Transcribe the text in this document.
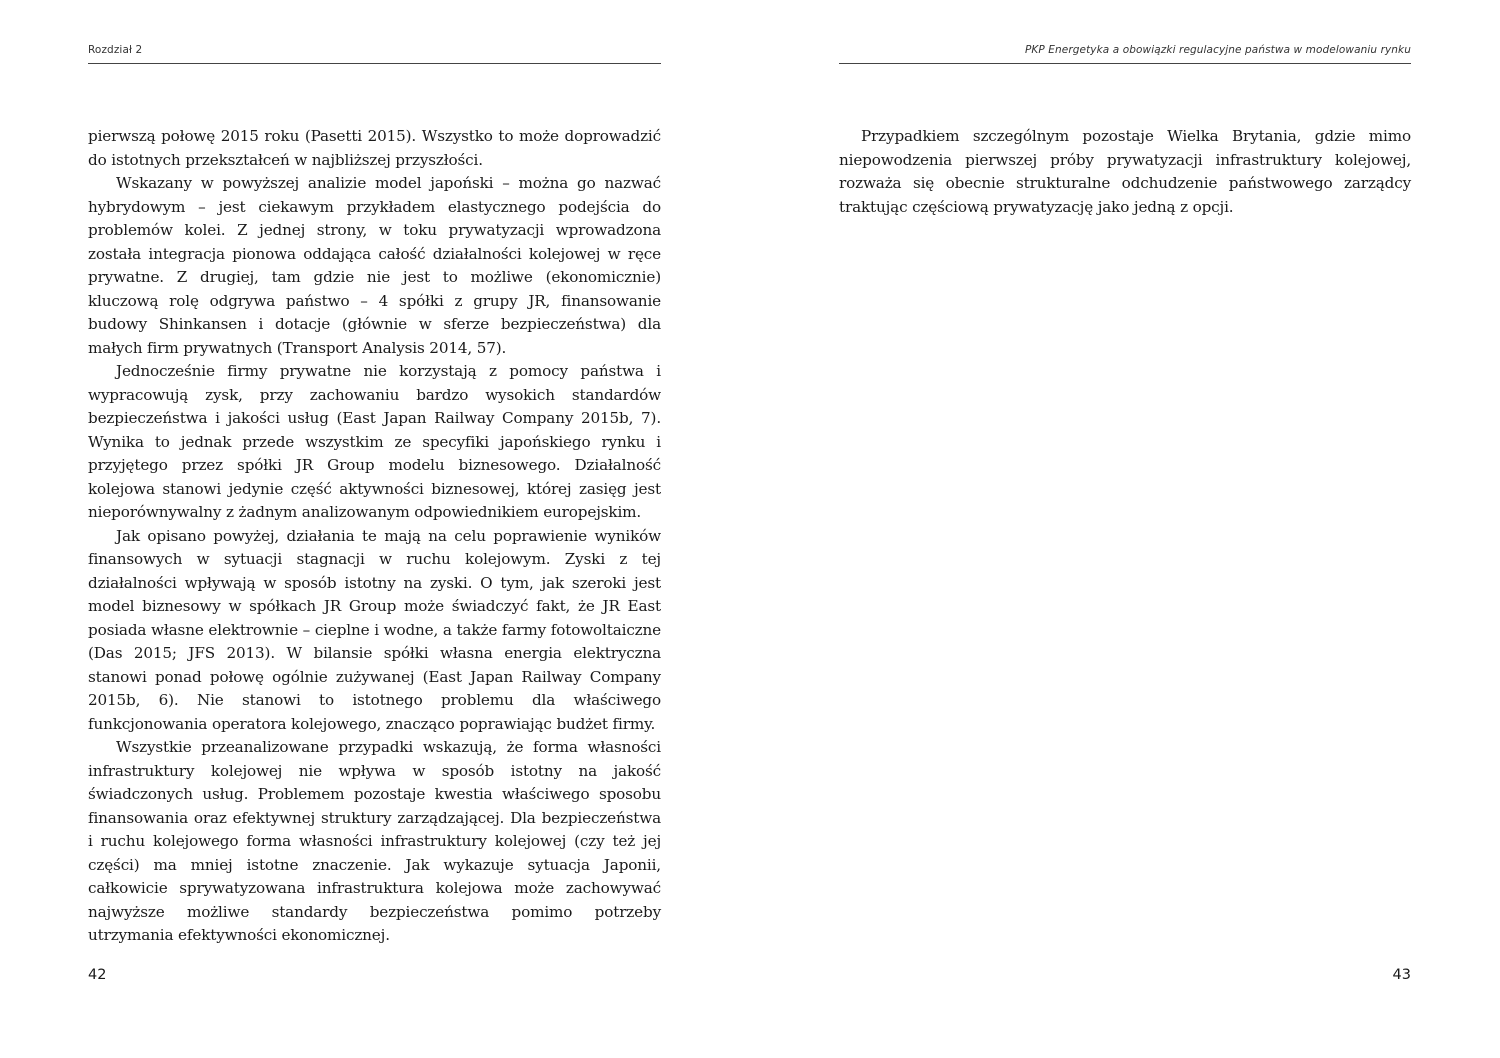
Rozdział 2

pierwszą połowę 2015 roku (Pasetti 2015). Wszystko to może doprowadzić do istotnych przekształceń w najbliższej przyszłości.

Wskazany w powyższej analizie model japoński – można go nazwać hybrydowym – jest ciekawym przykładem elastycznego podejścia do problemów kolei. Z jednej strony, w toku prywatyzacji wprowadzona została integracja pionowa oddająca całość działalności kolejowej w ręce prywatne. Z drugiej, tam gdzie nie jest to możliwe (ekonomicznie) kluczową rolę odgrywa państwo – 4 spółki z grupy JR, finansowanie budowy Shinkansen i dotacje (głównie w sferze bezpieczeństwa) dla małych firm prywatnych (Transport Analysis 2014, 57).

Jednocześnie firmy prywatne nie korzystają z pomocy państwa i wypracowują zysk, przy zachowaniu bardzo wysokich standardów bezpieczeństwa i jakości usług (East Japan Railway Company 2015b, 7). Wynika to jednak przede wszystkim ze specyfiki japońskiego rynku i przyjętego przez spółki JR Group modelu biznesowego. Działalność kolejowa stanowi jedynie część aktywności biznesowej, której zasięg jest nieporównywalny z żadnym analizowanym odpowiednikiem europejskim.

Jak opisano powyżej, działania te mają na celu poprawienie wyników finansowych w sytuacji stagnacji w ruchu kolejowym. Zyski z tej działalności wpływają w sposób istotny na zyski. O tym, jak szeroki jest model biznesowy w spółkach JR Group może świadczyć fakt, że JR East posiada własne elektrownie – cieplne i wodne, a także farmy fotowoltaiczne (Das 2015; JFS 2013). W bilansie spółki własna energia elektryczna stanowi ponad połowę ogólnie zużywanej (East Japan Railway Company 2015b, 6). Nie stanowi to istotnego problemu dla właściwego funkcjonowania operatora kolejowego, znacząco poprawiając budżet firmy.

Wszystkie przeanalizowane przypadki wskazują, że forma własności infrastruktury kolejowej nie wpływa w sposób istotny na jakość świadczonych usług. Problemem pozostaje kwestia właściwego sposobu finansowania oraz efektywnej struktury zarządzającej. Dla bezpieczeństwa i ruchu kolejowego forma własności infrastruktury kolejowej (czy też jej części) ma mniej istotne znaczenie. Jak wykazuje sytuacja Japonii, całkowicie sprywatyzowana infrastruktura kolejowa może zachowywać najwyższe możliwe standardy bezpieczeństwa pomimo potrzeby utrzymania efektywności ekonomicznej.

42
PKP Energetyka a obowiązki regulacyjne państwa w modelowaniu rynku

Przypadkiem szczególnym pozostaje Wielka Brytania, gdzie mimo niepowodzenia pierwszej próby prywatyzacji infrastruktury kolejowej, rozważa się obecnie strukturalne odchudzenie państwowego zarządcy traktując częściową prywatyzację jako jedną z opcji.

43
